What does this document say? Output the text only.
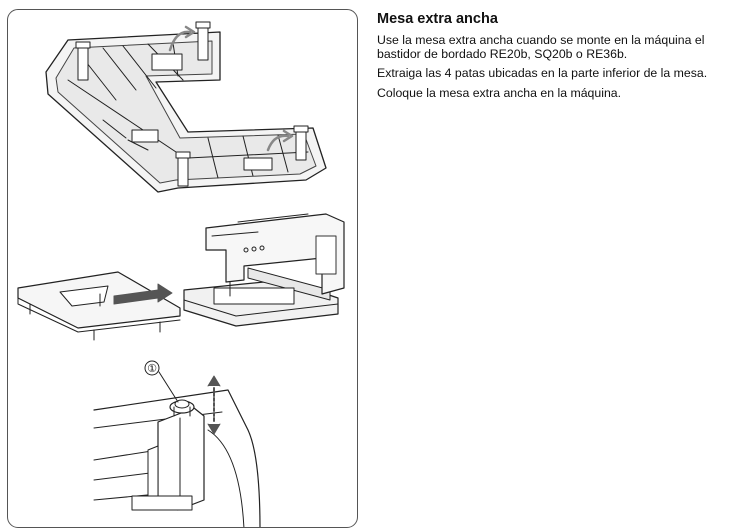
①
Mesa extra ancha

Use la mesa extra ancha cuando se monte en la máquina el bastidor de bordado RE20b, SQ20b o RE36b.

Extraiga las 4 patas ubicadas en la parte inferior de la mesa.

Coloque la mesa extra ancha en la máquina.
